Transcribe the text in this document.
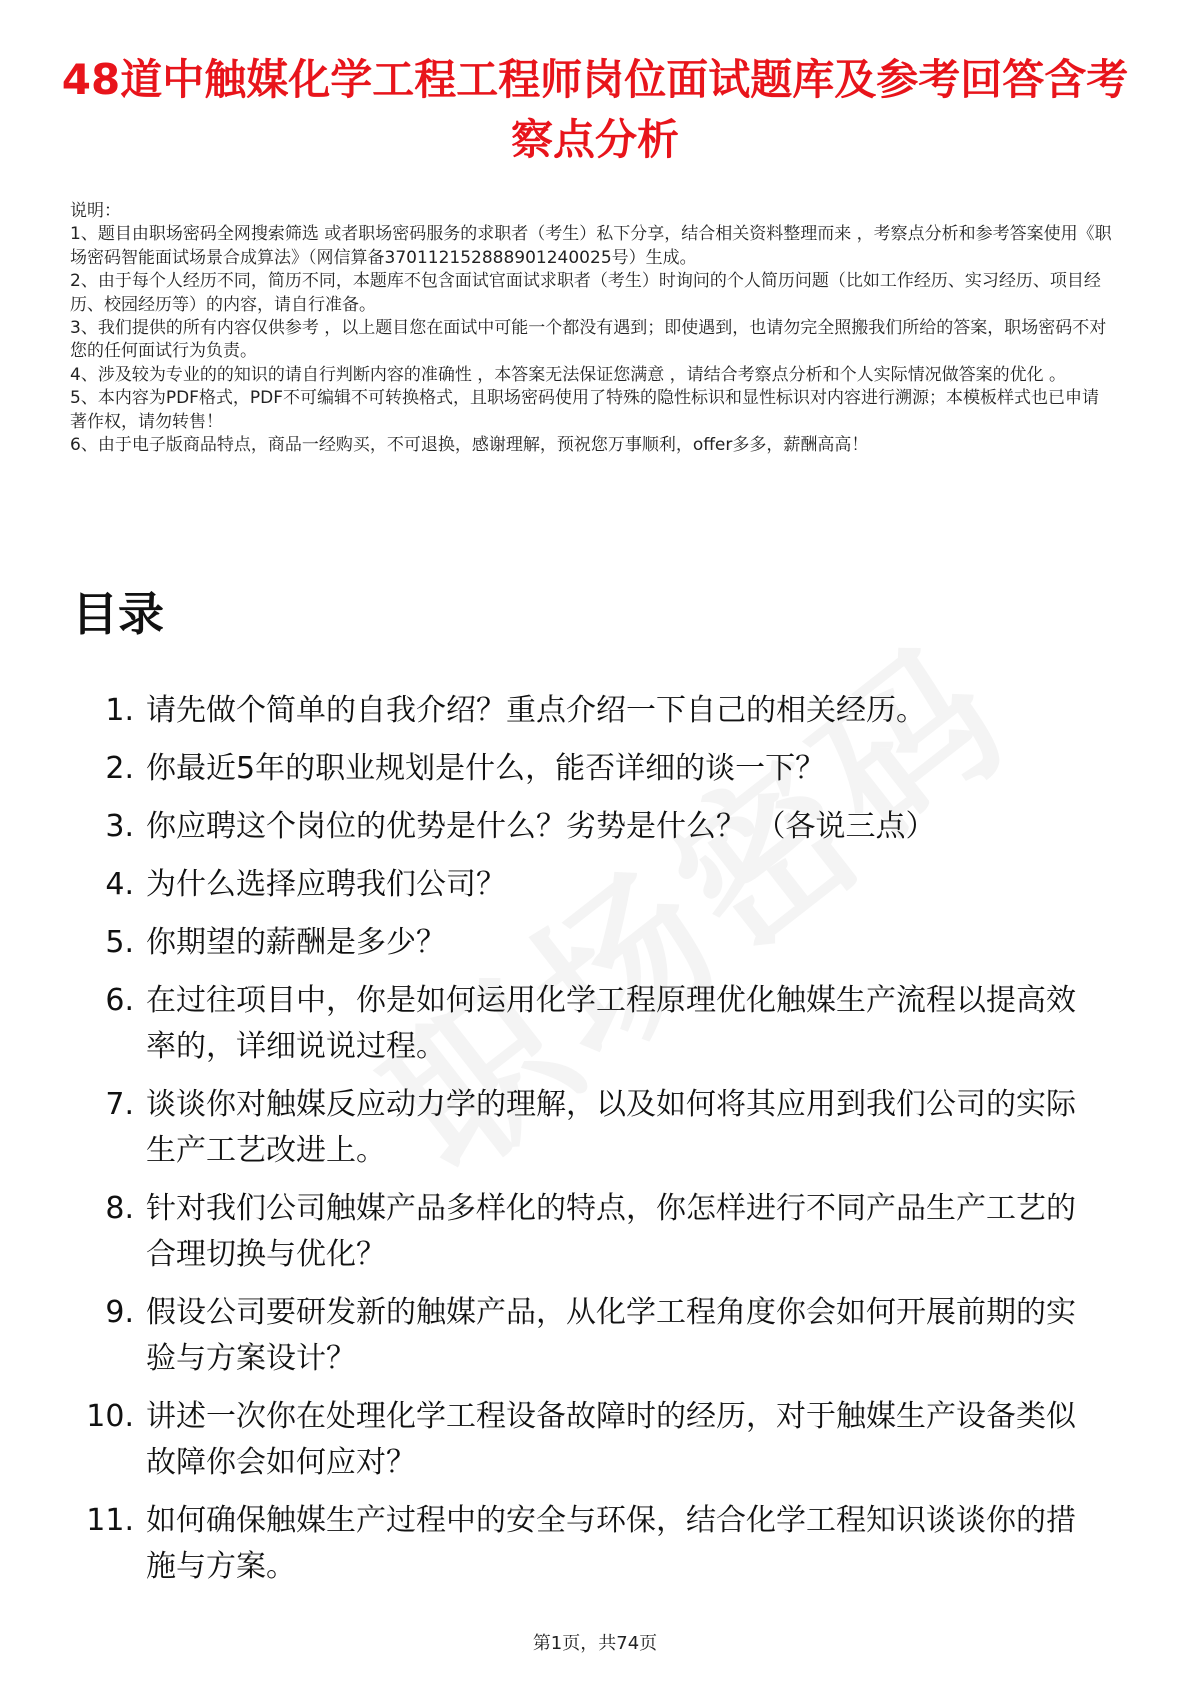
48道中触媒化学工程工程师岗位面试题库及参考回答含考察点分析
说明：
1、题目由职场密码全网搜索筛选 或者职场密码服务的求职者（考生）私下分享，结合相关资料整理而来 ，考察点分析和参考答案使用《职场密码智能面试场景合成算法》（网信算备370112152888901240025号）生成。
2、由于每个人经历不同，简历不同，本题库不包含面试官面试求职者（考生）时询问的个人简历问题（比如工作经历、实习经历、项目经历、校园经历等）的内容，请自行准备。
3、我们提供的所有内容仅供参考 ，以上题目您在面试中可能一个都没有遇到；即使遇到，也请勿完全照搬我们所给的答案，职场密码不对您的任何面试行为负责。
4、涉及较为专业的的知识的请自行判断内容的准确性 ，本答案无法保证您满意 ，请结合考察点分析和个人实际情况做答案的优化 。
5、本内容为PDF格式，PDF不可编辑不可转换格式，且职场密码使用了特殊的隐性标识和显性标识对内容进行溯源；本模板样式也已申请著作权，请勿转售！
6、由于电子版商品特点，商品一经购买，不可退换，感谢理解，预祝您万事顺利，offer多多，薪酬高高！
目录
1. 请先做个简单的自我介绍？重点介绍一下自己的相关经历。
2. 你最近5年的职业规划是什么，能否详细的谈一下？
3. 你应聘这个岗位的优势是什么？劣势是什么？ （各说三点）
4. 为什么选择应聘我们公司？
5. 你期望的薪酬是多少？
6. 在过往项目中，你是如何运用化学工程原理优化触媒生产流程以提高效率的，详细说说过程。
7. 谈谈你对触媒反应动力学的理解，以及如何将其应用到我们公司的实际生产工艺改进上。
8. 针对我们公司触媒产品多样化的特点，你怎样进行不同产品生产工艺的合理切换与优化？
9. 假设公司要研发新的触媒产品，从化学工程角度你会如何开展前期的实验与方案设计？
10. 讲述一次你在处理化学工程设备故障时的经历，对于触媒生产设备类似故障你会如何应对？
11. 如何确保触媒生产过程中的安全与环保，结合化学工程知识谈谈你的措施与方案。
第1页，共74页
